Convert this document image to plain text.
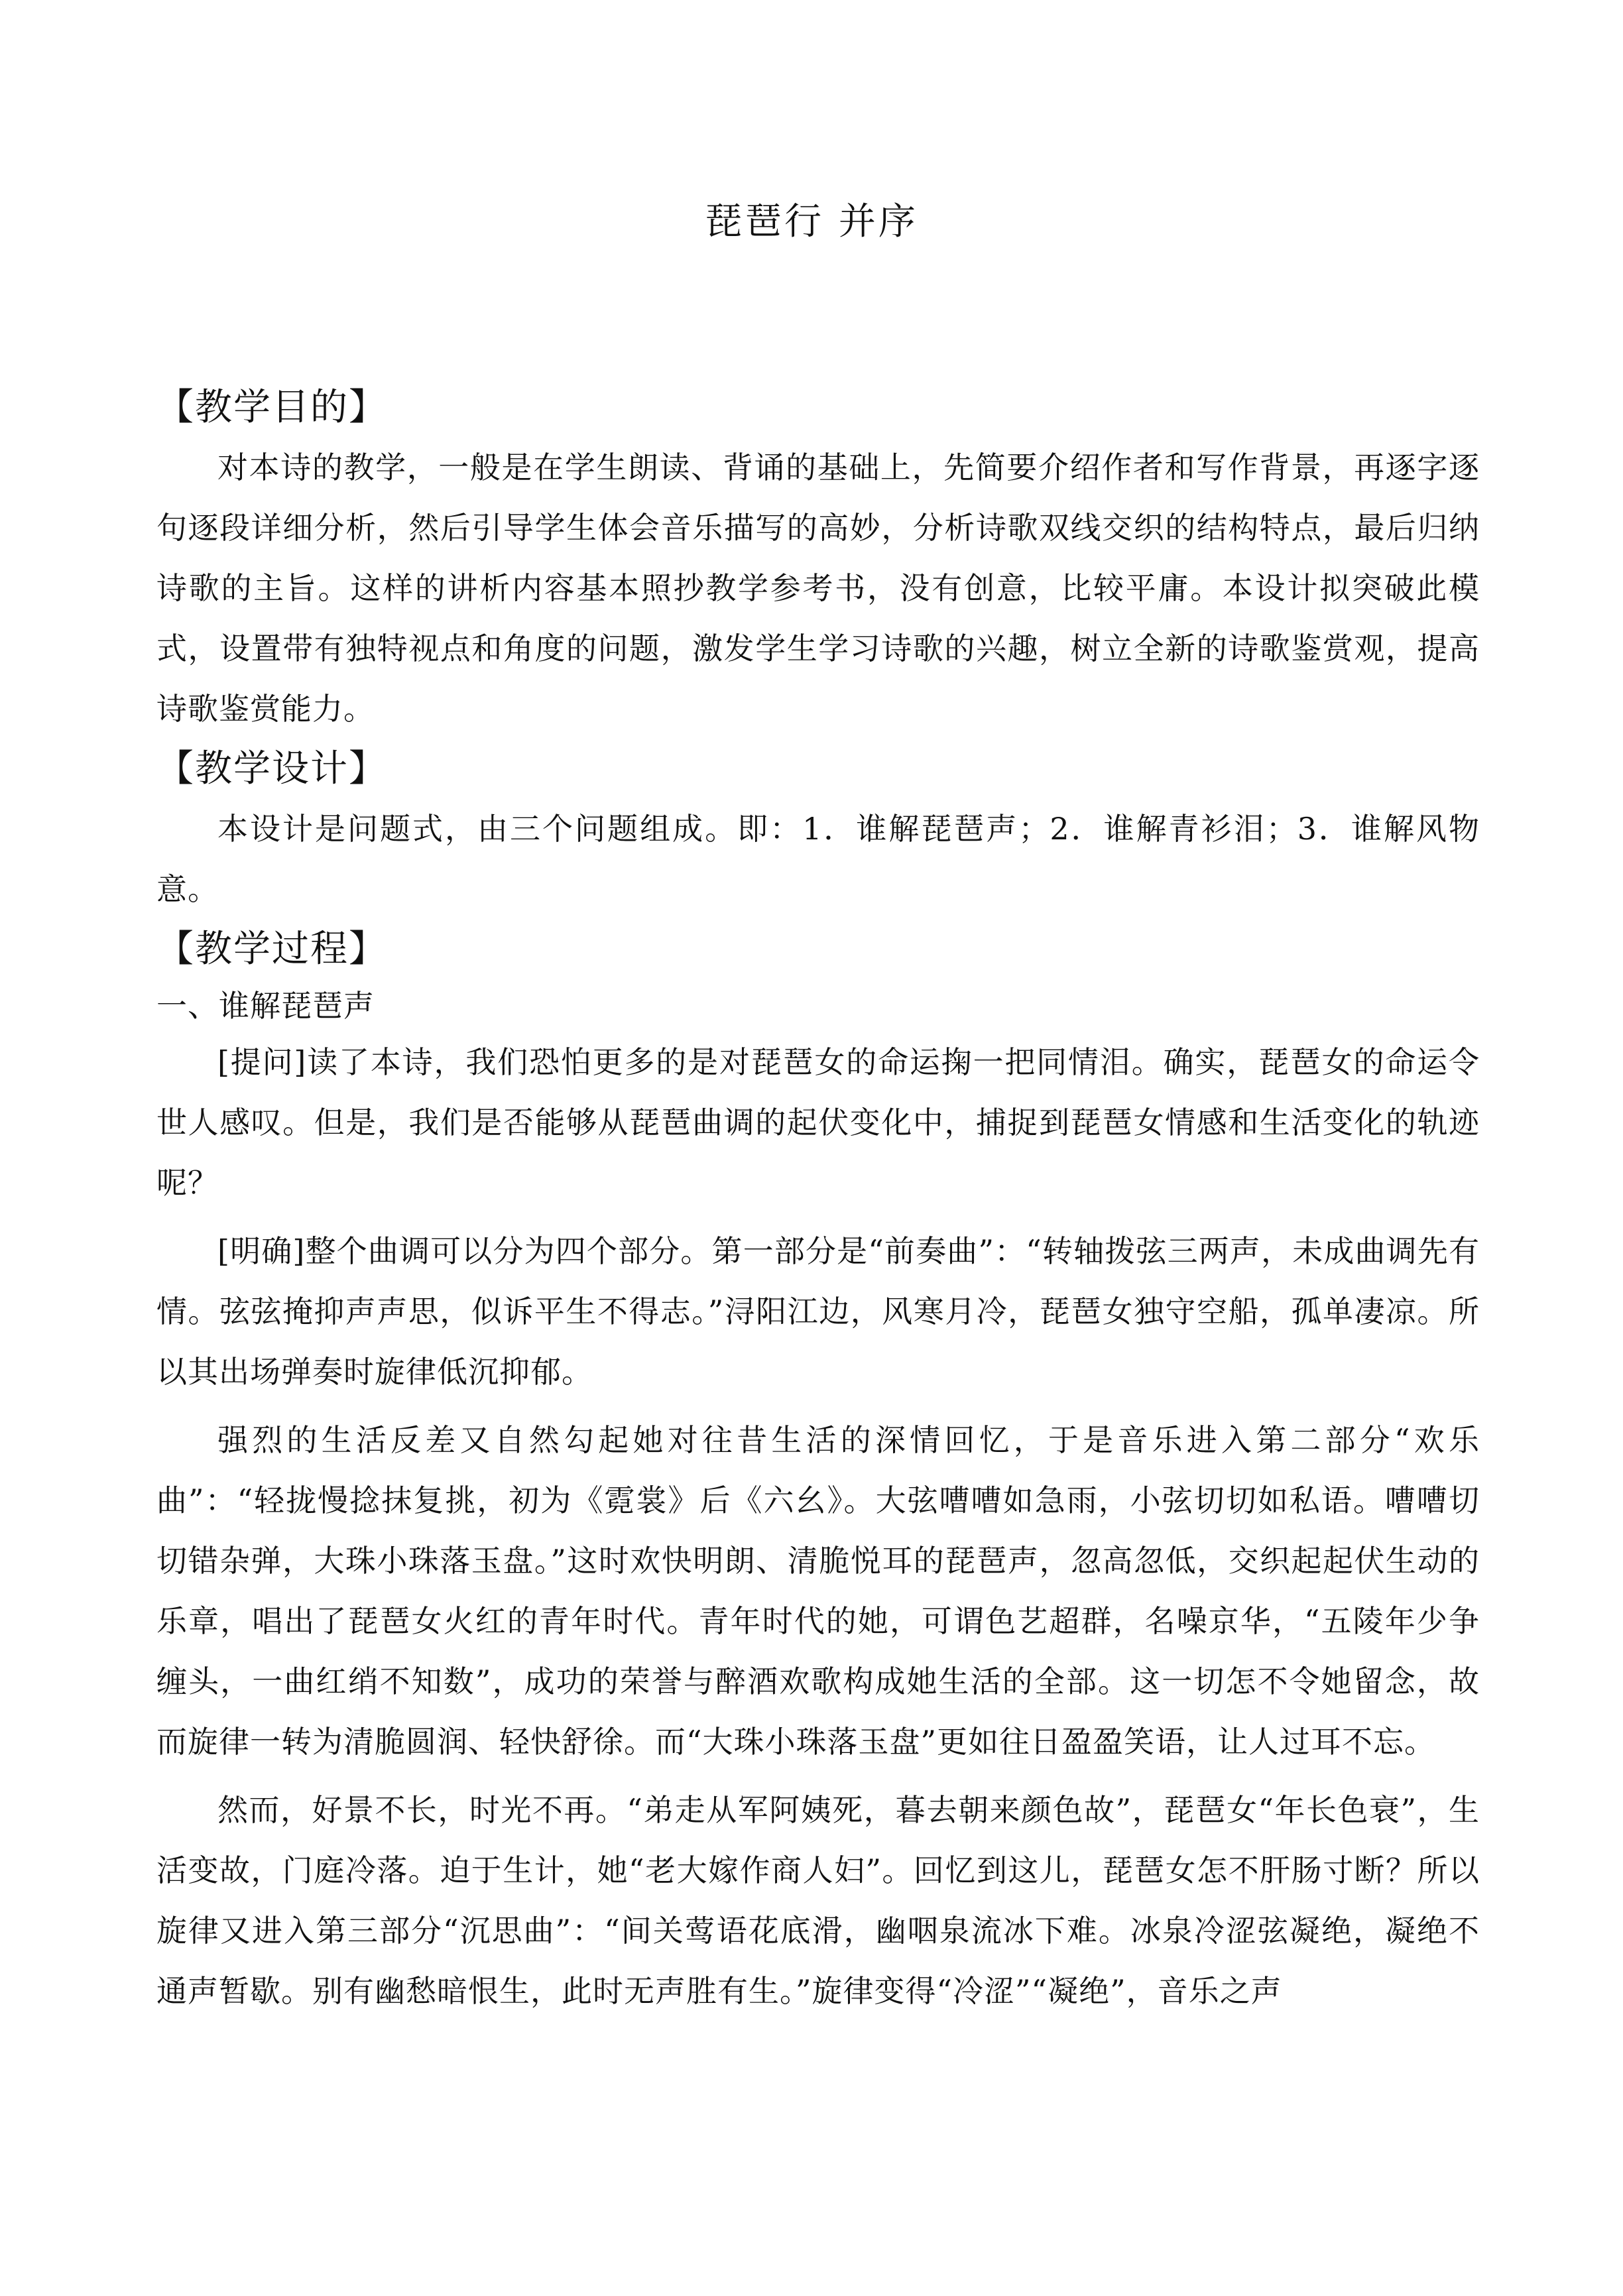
琵琶行 并序
【教学目的】

对本诗的教学，一般是在学生朗读、背诵的基础上，先简要介绍作者和写作背景，再逐字逐句逐段详细分析，然后引导学生体会音乐描写的高妙，分析诗歌双线交织的结构特点，最后归纳诗歌的主旨。这样的讲析内容基本照抄教学参考书，没有创意，比较平庸。本设计拟突破此模式，设置带有独特视点和角度的问题，激发学生学习诗歌的兴趣，树立全新的诗歌鉴赏观，提高诗歌鉴赏能力。

【教学设计】

本设计是问题式，由三个问题组成。即：1．谁解琵琶声；2．谁解青衫泪；3．谁解风物意。

【教学过程】

一、谁解琵琶声

[提问]读了本诗，我们恐怕更多的是对琵琶女的命运掬一把同情泪。确实，琵琶女的命运令世人感叹。但是，我们是否能够从琵琶曲调的起伏变化中，捕捉到琵琶女情感和生活变化的轨迹呢？

[明确]整个曲调可以分为四个部分。第一部分是“前奏曲”：“转轴拨弦三两声，未成曲调先有情。弦弦掩抑声声思，似诉平生不得志。”浔阳江边，风寒月冷，琵琶女独守空船，孤单凄凉。所以其出场弹奏时旋律低沉抑郁。

强烈的生活反差又自然勾起她对往昔生活的深情回忆，于是音乐进入第二部分“欢乐曲”：“轻拢慢捻抹复挑，初为《霓裳》后《六幺》。大弦嘈嘈如急雨，小弦切切如私语。嘈嘈切切错杂弹，大珠小珠落玉盘。”这时欢快明朗、清脆悦耳的琵琶声，忽高忽低，交织起起伏生动的乐章，唱出了琵琶女火红的青年时代。青年时代的她，可谓色艺超群，名噪京华，“五陵年少争缠头，一曲红绡不知数”，成功的荣誉与醉酒欢歌构成她生活的全部。这一切怎不令她留念，故而旋律一转为清脆圆润、轻快舒徐。而“大珠小珠落玉盘”更如往日盈盈笑语，让人过耳不忘。

然而，好景不长，时光不再。“弟走从军阿姨死，暮去朝来颜色故”，琵琶女“年长色衰”，生活变故，门庭冷落。迫于生计，她“老大嫁作商人妇”。回忆到这儿，琵琶女怎不肝肠寸断？所以旋律又进入第三部分“沉思曲”：“间关莺语花底滑，幽咽泉流冰下难。冰泉冷涩弦凝绝，凝绝不通声暂歇。别有幽愁暗恨生，此时无声胜有生。”旋律变得“冷涩”“凝绝”，音乐之声
